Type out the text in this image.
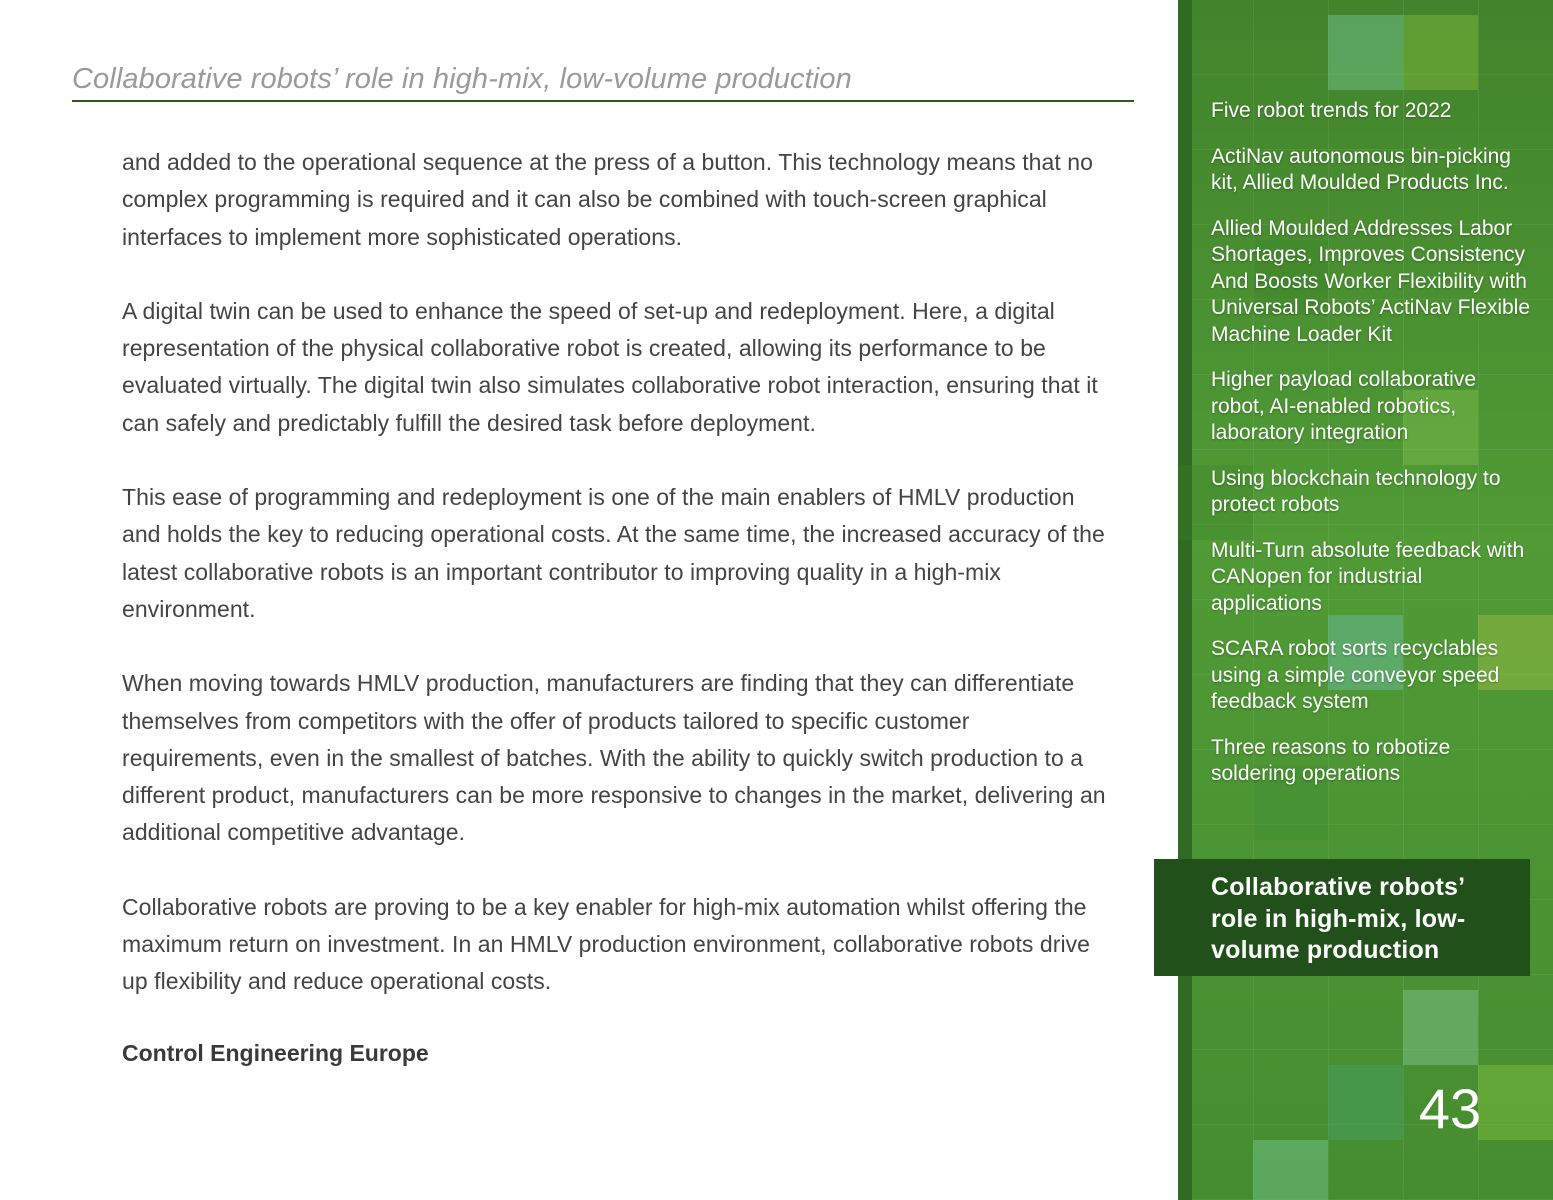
Collaborative robots’ role in high-mix, low-volume production

and added to the operational sequence at the press of a button. This technology means that no complex programming is required and it can also be combined with touch-screen graphical interfaces to implement more sophisticated operations.

A digital twin can be used to enhance the speed of set-up and redeployment. Here, a digital representation of the physical collaborative robot is created, allowing its performance to be evaluated virtually. The digital twin also simulates collaborative robot interaction, ensuring that it can safely and predictably fulfill the desired task before deployment.

This ease of programming and redeployment is one of the main enablers of HMLV production and holds the key to reducing operational costs. At the same time, the increased accuracy of the latest collaborative robots is an important contributor to improving quality in a high-mix environment.

When moving towards HMLV production, manufacturers are finding that they can differentiate themselves from competitors with the offer of products tailored to specific customer requirements, even in the smallest of batches. With the ability to quickly switch production to a different product, manufacturers can be more responsive to changes in the market, delivering an additional competitive advantage.

Collaborative robots are proving to be a key enabler for high-mix automation whilst offering the maximum return on investment. In an HMLV production environment, collaborative robots drive up flexibility and reduce operational costs.

Control Engineering Europe

Five robot trends for 2022
ActiNav autonomous bin-picking kit, Allied Moulded Products Inc.
Allied Moulded Addresses Labor Shortages, Improves Consistency And Boosts Worker Flexibility with Universal Robots’ ActiNav Flexible Machine Loader Kit
Higher payload collaborative robot, AI-enabled robotics, laboratory integration
Using blockchain technology to protect robots
Multi-Turn absolute feedback with CANopen for industrial applications
SCARA robot sorts recyclables using a simple conveyor speed feedback system
Three reasons to robotize soldering operations
Collaborative robots’ role in high-mix, low-volume production
43
